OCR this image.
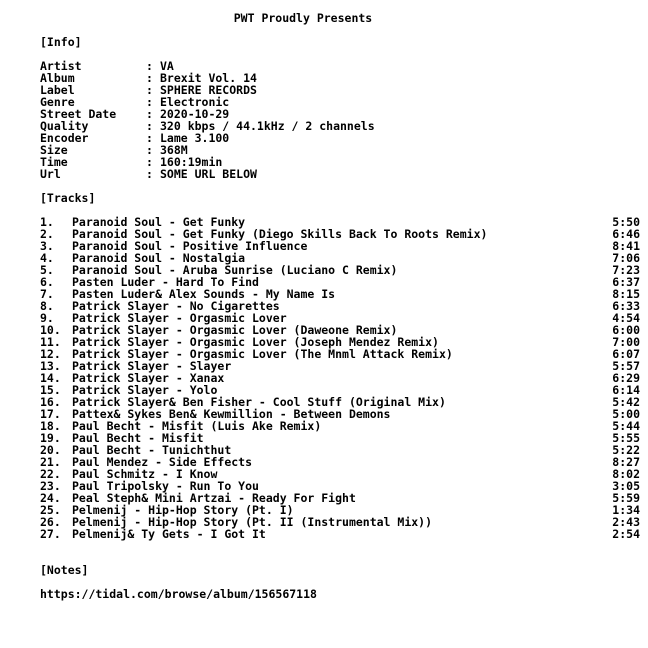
PWT Proudly Presents
[Info]
Artist	: VA
Album	: Brexit Vol. 14
Label	: SPHERE RECORDS
Genre	: Electronic
Street Date	: 2020-10-29
Quality	: 320 kbps / 44.1kHz / 2 channels
Encoder	: Lame 3.100
Size	: 368M
Time	: 160:19min
Url	: SOME URL BELOW
[Tracks]
1. Paranoid Soul - Get Funky	5:50
2. Paranoid Soul - Get Funky (Diego Skills Back To Roots Remix)	6:46
3. Paranoid Soul - Positive Influence	8:41
4. Paranoid Soul - Nostalgia	7:06
5. Paranoid Soul - Aruba Sunrise (Luciano C Remix)	7:23
6. Pasten Luder - Hard To Find	6:37
7. Pasten Luder& Alex Sounds - My Name Is	8:15
8. Patrick Slayer - No Cigarettes	6:33
9. Patrick Slayer - Orgasmic Lover	4:54
10. Patrick Slayer - Orgasmic Lover (Daweone Remix)	6:00
11. Patrick Slayer - Orgasmic Lover (Joseph Mendez Remix)	7:00
12. Patrick Slayer - Orgasmic Lover (The Mnml Attack Remix)	6:07
13. Patrick Slayer - Slayer	5:57
14. Patrick Slayer - Xanax	6:29
15. Patrick Slayer - Yolo	6:14
16. Patrick Slayer& Ben Fisher - Cool Stuff (Original Mix)	5:42
17. Pattex& Sykes Ben& Kewmillion - Between Demons	5:00
18. Paul Becht - Misfit (Luis Ake Remix)	5:44
19. Paul Becht - Misfit	5:55
20. Paul Becht - Tunichthut	5:22
21. Paul Mendez - Side Effects	8:27
22. Paul Schmitz - I Know	8:02
23. Paul Tripolsky - Run To You	3:05
24. Peal Steph& Mini Artzai - Ready For Fight	5:59
25. Pelmenij - Hip-Hop Story (Pt. I)	1:34
26. Pelmenij - Hip-Hop Story (Pt. II (Instrumental Mix))	2:43
27. Pelmenij& Ty Gets - I Got It	2:54
[Notes]
https://tidal.com/browse/album/156567118
